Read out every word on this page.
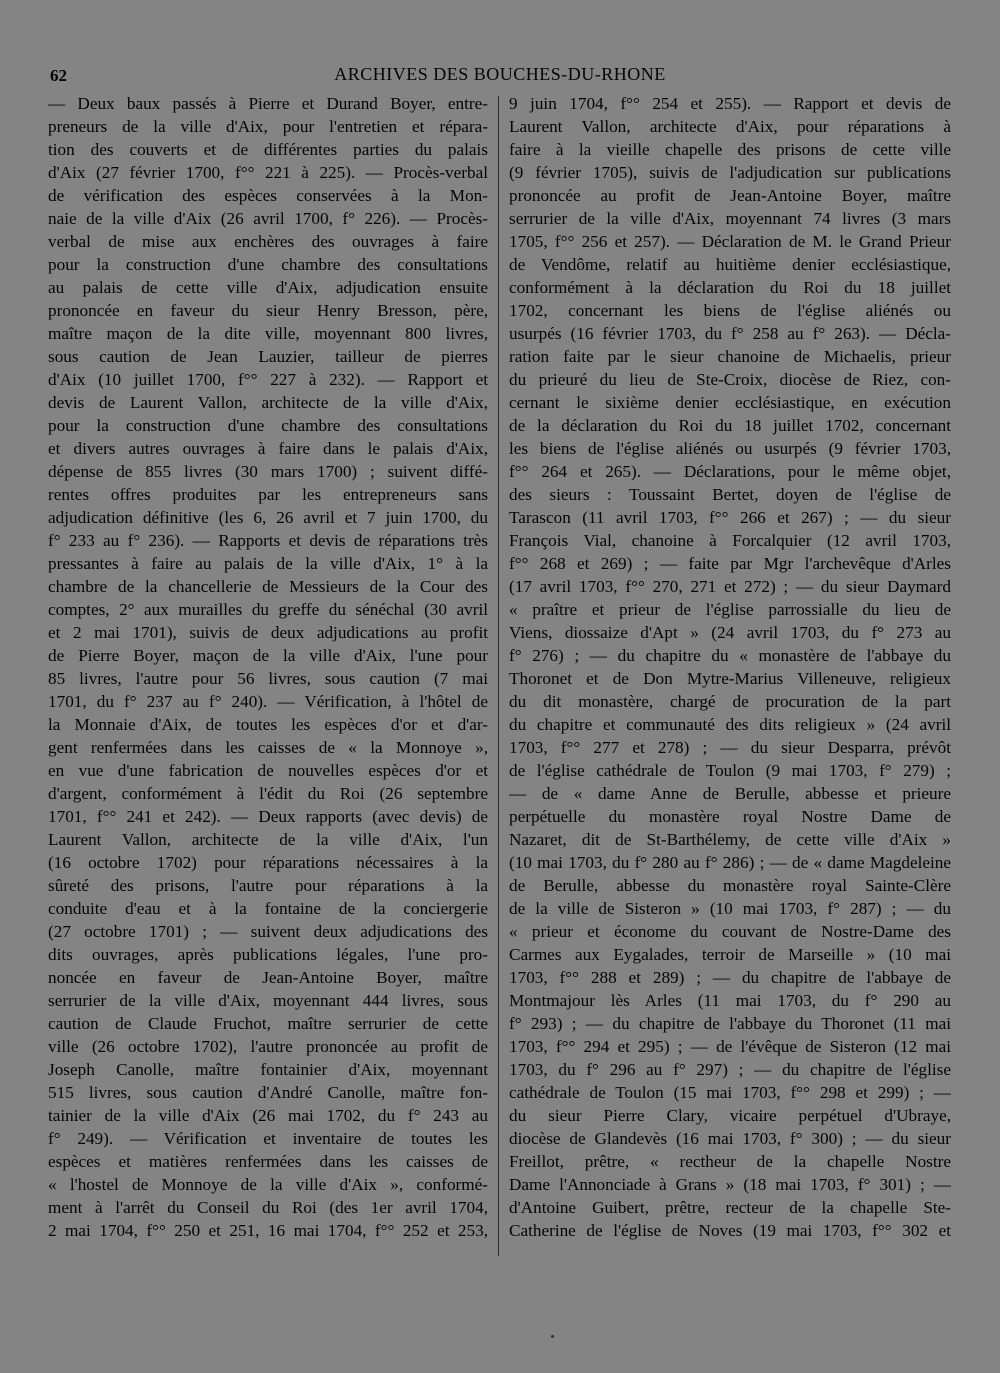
62	ARCHIVES DES BOUCHES-DU-RHONE
— Deux baux passés à Pierre et Durand Boyer, entre-
preneurs de la ville d'Aix, pour l'entretien et répara-
tion des couverts et de différentes parties du palais
d'Aix (27 février 1700, f°° 221 à 225). — Procès-verbal
de vérification des espèces conservées à la Mon-
naie de la ville d'Aix (26 avril 1700, f° 226). — Procès-
verbal de mise aux enchères des ouvrages à faire
pour la construction d'une chambre des consultations
au palais de cette ville d'Aix, adjudication ensuite
prononcée en faveur du sieur Henry Bresson, père,
maître maçon de la dite ville, moyennant 800 livres,
sous caution de Jean Lauzier, tailleur de pierres
d'Aix (10 juillet 1700, f°° 227 à 232). — Rapport et
devis de Laurent Vallon, architecte de la ville d'Aix,
pour la construction d'une chambre des consultations
et divers autres ouvrages à faire dans le palais d'Aix,
dépense de 855 livres (30 mars 1700) ; suivent diffé-
rentes offres produites par les entrepreneurs sans
adjudication définitive (les 6, 26 avril et 7 juin 1700, du
f° 233 au f° 236). — Rapports et devis de réparations très
pressantes à faire au palais de la ville d'Aix, 1° à la
chambre de la chancellerie de Messieurs de la Cour des
comptes, 2° aux murailles du greffe du sénéchal (30 avril
et 2 mai 1701), suivis de deux adjudications au profit
de Pierre Boyer, maçon de la ville d'Aix, l'une pour
85 livres, l'autre pour 56 livres, sous caution (7 mai
1701, du f° 237 au f° 240). — Vérification, à l'hôtel de
la Monnaie d'Aix, de toutes les espèces d'or et d'ar-
gent renfermées dans les caisses de « la Monnoye »,
en vue d'une fabrication de nouvelles espèces d'or et
d'argent, conformément à l'édit du Roi (26 septembre
1701, f°° 241 et 242). — Deux rapports (avec devis) de
Laurent Vallon, architecte de la ville d'Aix, l'un
(16 octobre 1702) pour réparations nécessaires à la
sûreté des prisons, l'autre pour réparations à la
conduite d'eau et à la fontaine de la conciergerie
(27 octobre 1701) ; — suivent deux adjudications des
dits ouvrages, après publications légales, l'une pro-
noncée en faveur de Jean-Antoine Boyer, maître
serrurier de la ville d'Aix, moyennant 444 livres, sous
caution de Claude Fruchot, maître serrurier de cette
ville (26 octobre 1702), l'autre prononcée au profit de
Joseph Canolle, maître fontainier d'Aix, moyennant
515 livres, sous caution d'André Canolle, maître fon-
tainier de la ville d'Aix (26 mai 1702, du f° 243 au
f° 249). — Vérification et inventaire de toutes les
espèces et matières renfermées dans les caisses de
« l'hostel de Monnoye de la ville d'Aix », conformé-
ment à l'arrêt du Conseil du Roi (des 1er avril 1704,
2 mai 1704, f°° 250 et 251, 16 mai 1704, f°° 252 et 253,
9 juin 1704, f°° 254 et 255). — Rapport et devis de
Laurent Vallon, architecte d'Aix, pour réparations à
faire à la vieille chapelle des prisons de cette ville
(9 février 1705), suivis de l'adjudication sur publications
prononcée au profit de Jean-Antoine Boyer, maître
serrurier de la ville d'Aix, moyennant 74 livres (3 mars
1705, f°° 256 et 257). — Déclaration de M. le Grand Prieur
de Vendôme, relatif au huitième denier ecclésiastique,
conformément à la déclaration du Roi du 18 juillet
1702, concernant les biens de l'église aliénés ou
usurpés (16 février 1703, du f° 258 au f° 263). — Décla-
ration faite par le sieur chanoine de Michaelis, prieur
du prieuré du lieu de Ste-Croix, diocèse de Riez, con-
cernant le sixième denier ecclésiastique, en exécution
de la déclaration du Roi du 18 juillet 1702, concernant
les biens de l'église aliénés ou usurpés (9 février 1703,
f°° 264 et 265). — Déclarations, pour le même objet,
des sieurs : Toussaint Bertet, doyen de l'église de
Tarascon (11 avril 1703, f°° 266 et 267) ; — du sieur
François Vial, chanoine à Forcalquier (12 avril 1703,
f°° 268 et 269) ; — faite par Mgr l'archevêque d'Arles
(17 avril 1703, f°° 270, 271 et 272) ; — du sieur Daymard
« praître et prieur de l'église parrossialle du lieu de
Viens, diossaize d'Apt » (24 avril 1703, du f° 273 au
f° 276) ; — du chapitre du « monastère de l'abbaye du
Thoronet et de Don Mytre-Marius Villeneuve, religieux
du dit monastère, chargé de procuration de la part
du chapitre et communauté des dits religieux » (24 avril
1703, f°° 277 et 278) ; — du sieur Desparra, prévôt
de l'église cathédrale de Toulon (9 mai 1703, f° 279) ;
— de « dame Anne de Berulle, abbesse et prieure
perpétuelle du monastère royal Nostre Dame de
Nazaret, dit de St-Barthélemy, de cette ville d'Aix »
(10 mai 1703, du f° 280 au f° 286) ; — de « dame Magdeleine
de Berulle, abbesse du monastère royal Sainte-Clère
de la ville de Sisteron » (10 mai 1703, f° 287) ; — du
« prieur et économe du couvant de Nostre-Dame des
Carmes aux Eygalades, terroir de Marseille » (10 mai
1703, f°° 288 et 289) ; — du chapitre de l'abbaye de
Montmajour lès Arles (11 mai 1703, du f° 290 au
f° 293) ; — du chapitre de l'abbaye du Thoronet (11 mai
1703, f°° 294 et 295) ; — de l'évêque de Sisteron (12 mai
1703, du f° 296 au f° 297) ; — du chapitre de l'église
cathédrale de Toulon (15 mai 1703, f°° 298 et 299) ; —
du sieur Pierre Clary, vicaire perpétuel d'Ubraye,
diocèse de Glandevès (16 mai 1703, f° 300) ; — du sieur
Freillot, prêtre, « rectheur de la chapelle Nostre
Dame l'Annonciade à Grans » (18 mai 1703, f° 301) ; —
d'Antoine Guibert, prêtre, recteur de la chapelle Ste-
Catherine de l'église de Noves (19 mai 1703, f°° 302 et
